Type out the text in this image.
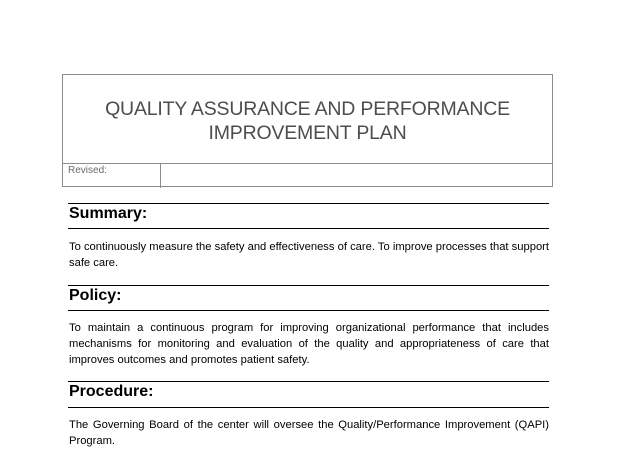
QUALITY ASSURANCE AND PERFORMANCE
IMPROVEMENT PLAN
Revised:
Summary:

To continuously measure the safety and effectiveness of care. To improve processes that support safe care.

Policy:

To maintain a continuous program for improving organizational performance that includes mechanisms for monitoring and evaluation of the quality and appropriateness of care that improves outcomes and promotes patient safety.

Procedure:

The Governing Board of the center will oversee the Quality/Performance Improvement (QAPI) Program.
